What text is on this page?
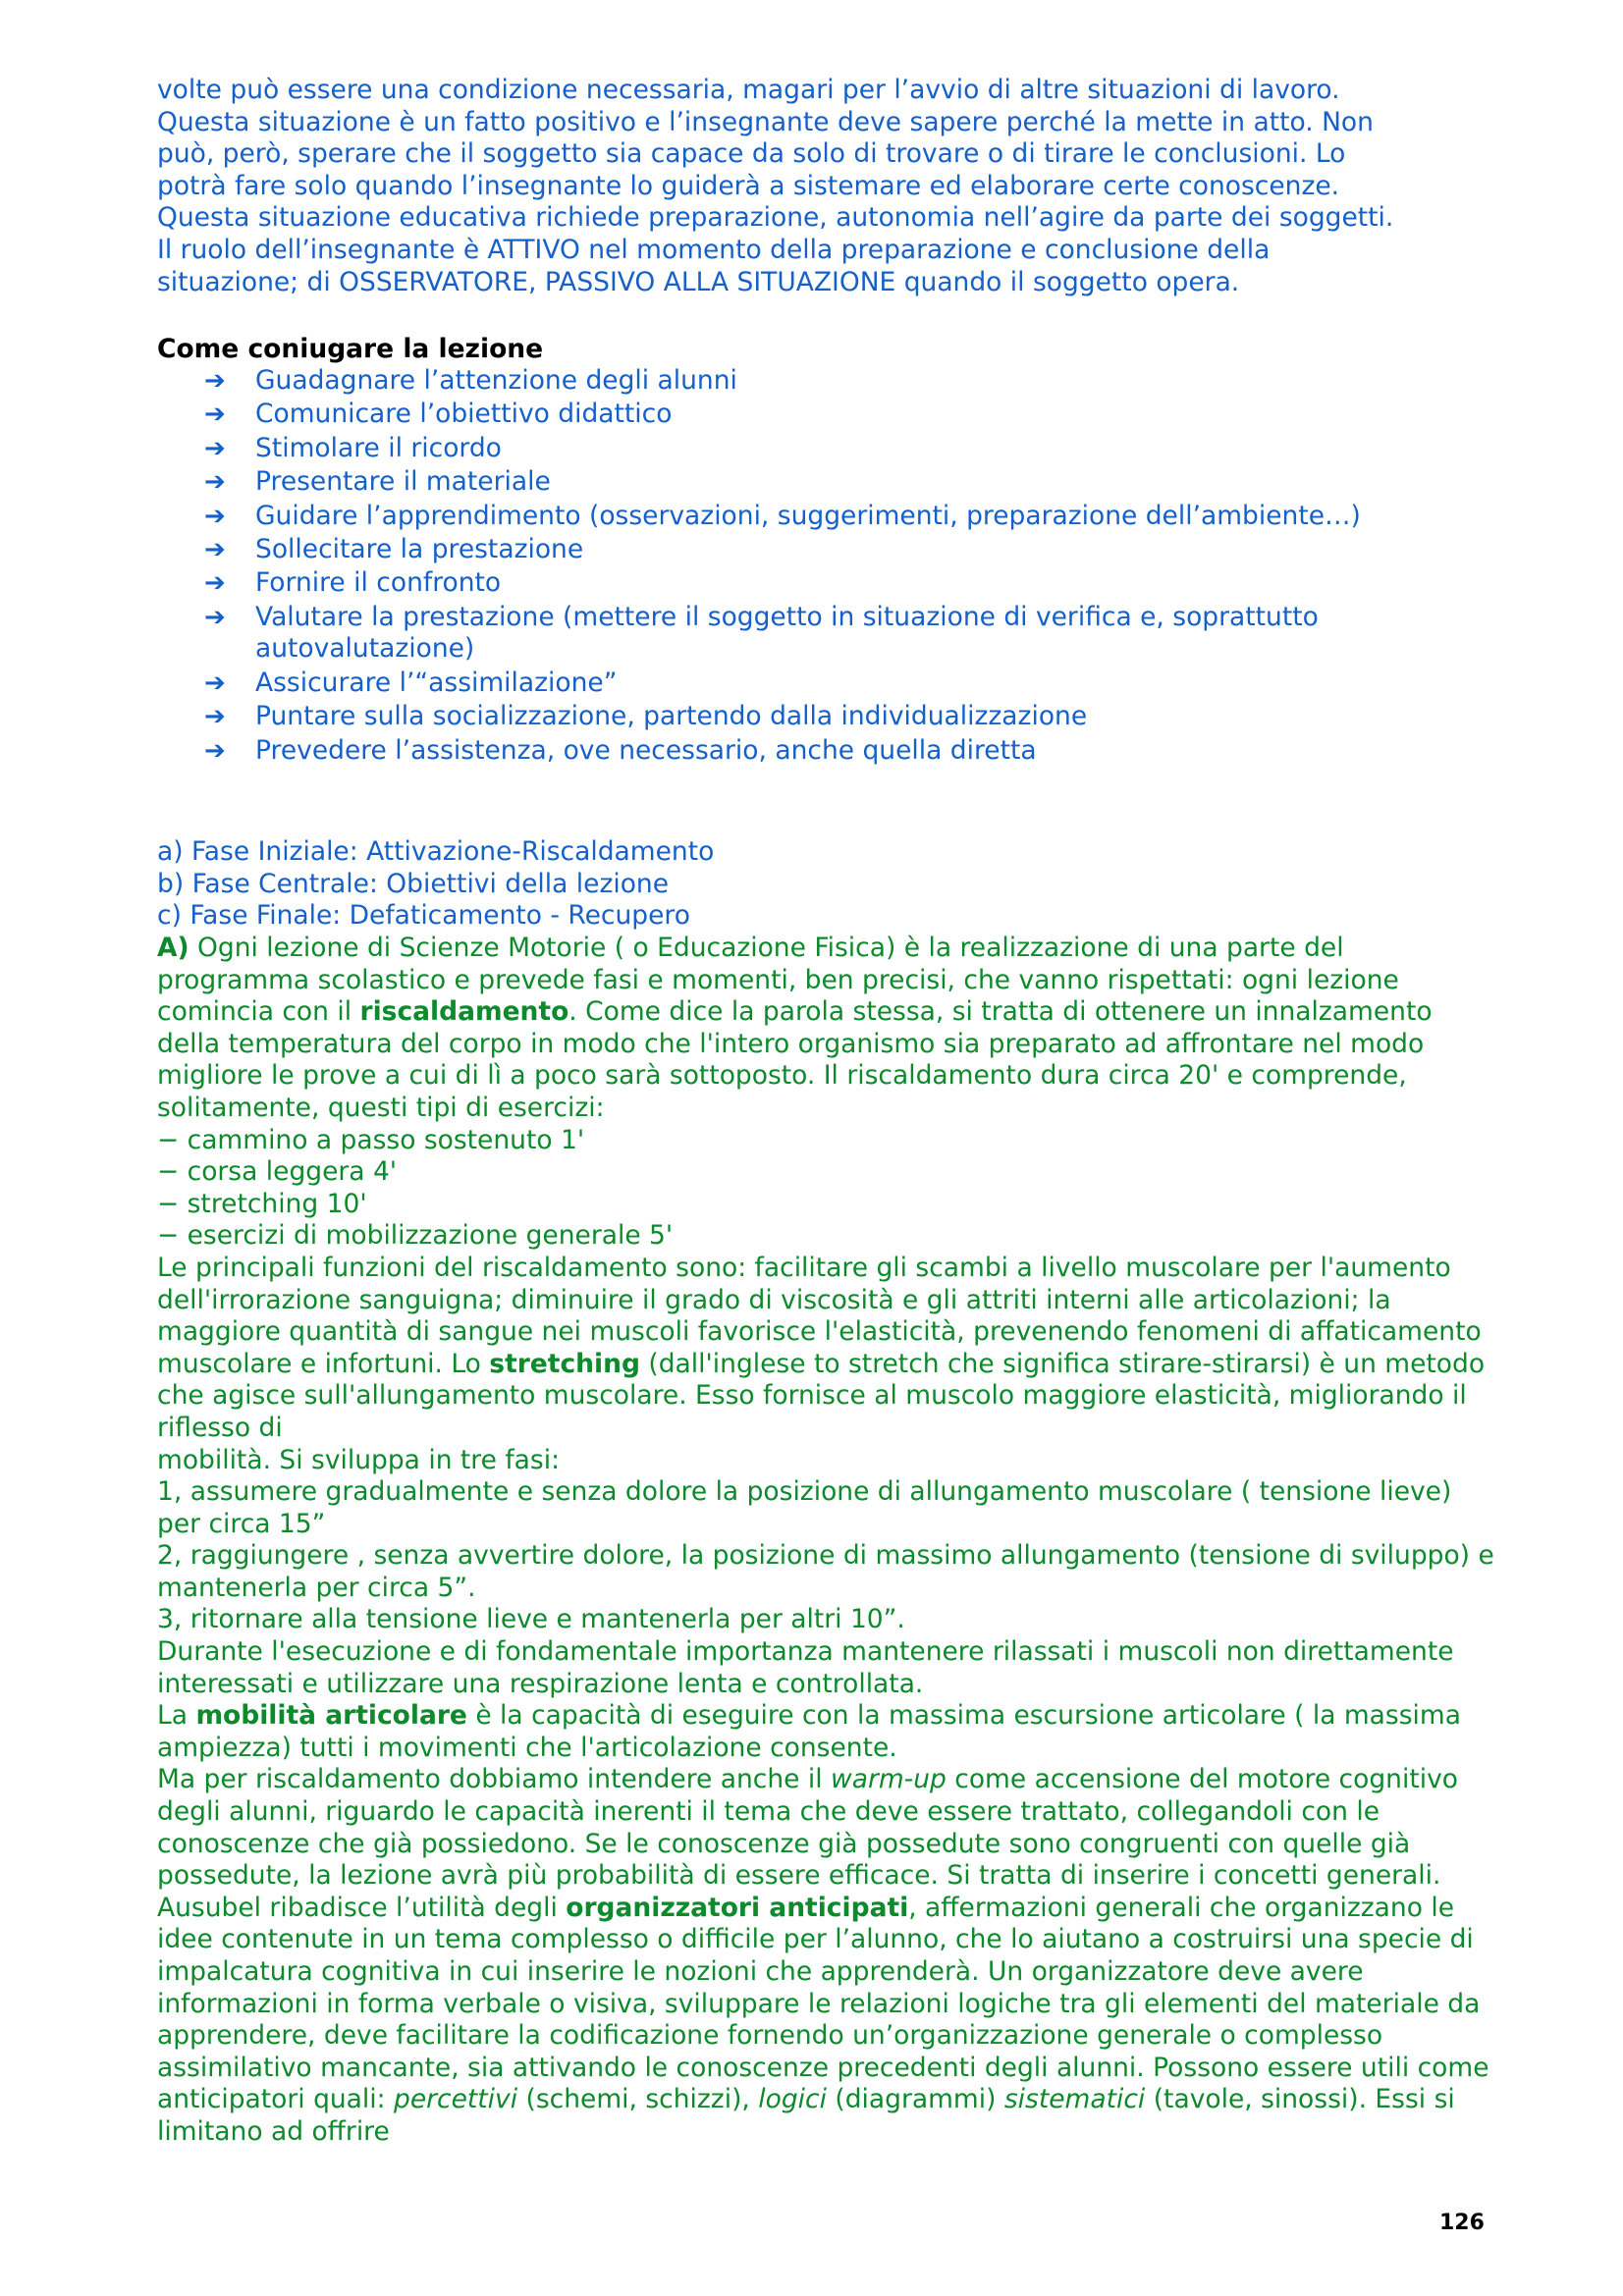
volte può essere una condizione necessaria, magari per l’avvio di altre situazioni di lavoro.
Questa situazione è un fatto positivo e l’insegnante deve sapere perché la mette in atto. Non
può, però, sperare che il soggetto sia capace da solo di trovare o di tirare le conclusioni. Lo
potrà fare solo quando l’insegnante lo guiderà a sistemare ed elaborare certe conoscenze.
Questa situazione educativa richiede preparazione, autonomia nell’agire da parte dei soggetti.
Il ruolo dell’insegnante è ATTIVO nel momento della preparazione e conclusione della
situazione; di OSSERVATORE, PASSIVO ALLA SITUAZIONE quando il soggetto opera.
Come coniugare la lezione
➔ Guadagnare l’attenzione degli alunni
➔ Comunicare l’obiettivo didattico
➔ Stimolare il ricordo
➔ Presentare il materiale
➔ Guidare l’apprendimento (osservazioni, suggerimenti, preparazione dell’ambiente…)
➔ Sollecitare la prestazione
➔ Fornire il confronto
➔ Valutare la prestazione (mettere il soggetto in situazione di verifica e, soprattutto autovalutazione)
➔ Assicurare l’“assimilazione”
➔ Puntare sulla socializzazione, partendo dalla individualizzazione
➔ Prevedere l’assistenza, ove necessario, anche quella diretta
a) Fase Iniziale: Attivazione-Riscaldamento
b) Fase Centrale: Obiettivi della lezione
c) Fase Finale: Defaticamento - Recupero

A) Ogni lezione di Scienze Motorie ( o Educazione Fisica) è la realizzazione di una parte del programma scolastico e prevede fasi e momenti, ben precisi, che vanno rispettati: ogni lezione comincia con il riscaldamento. Come dice la parola stessa, si tratta di ottenere un innalzamento della temperatura del corpo in modo che l'intero organismo sia preparato ad affrontare nel modo migliore le prove a cui di lì a poco sarà sottoposto. Il riscaldamento dura circa 20' e comprende, solitamente, questi tipi di esercizi:

− cammino a passo sostenuto 1'
− corsa leggera 4'
− stretching 10'
− esercizi di mobilizzazione generale 5'

Le principali funzioni del riscaldamento sono: facilitare gli scambi a livello muscolare per l'aumento dell'irrorazione sanguigna; diminuire il grado di viscosità e gli attriti interni alle articolazioni; la maggiore quantità di sangue nei muscoli favorisce l'elasticità, prevenendo fenomeni di affaticamento muscolare e infortuni. Lo stretching (dall'inglese to stretch che significa stirare-stirarsi) è un metodo che agisce sull'allungamento muscolare. Esso fornisce al muscolo maggiore elasticità, migliorando il riflesso di

mobilità. Si sviluppa in tre fasi:

1, assumere gradualmente e senza dolore la posizione di allungamento muscolare ( tensione lieve) per circa 15”

2, raggiungere , senza avvertire dolore, la posizione di massimo allungamento (tensione di sviluppo) e mantenerla per circa 5”.

3, ritornare alla tensione lieve e mantenerla per altri 10”.

Durante l'esecuzione e di fondamentale importanza mantenere rilassati i muscoli non direttamente interessati e utilizzare una respirazione lenta e controllata.

La mobilità articolare è la capacità di eseguire con la massima escursione articolare ( la massima ampiezza) tutti i movimenti che l'articolazione consente.

Ma per riscaldamento dobbiamo intendere anche il warm-up come accensione del motore cognitivo degli alunni, riguardo le capacità inerenti il tema che deve essere trattato, collegandoli con le conoscenze che già possiedono. Se le conoscenze già possedute sono congruenti con quelle già possedute, la lezione avrà più probabilità di essere efficace. Si tratta di inserire i concetti generali. Ausubel ribadisce l’utilità degli organizzatori anticipati, affermazioni generali che organizzano le idee contenute in un tema complesso o difficile per l’alunno, che lo aiutano a costruirsi una specie di impalcatura cognitiva in cui inserire le nozioni che apprenderà. Un organizzatore deve avere informazioni in forma verbale o visiva, sviluppare le relazioni logiche tra gli elementi del materiale da apprendere, deve facilitare la codificazione fornendo un’organizzazione generale o complesso assimilativo mancante, sia attivando le conoscenze precedenti degli alunni. Possono essere utili come anticipatori quali: percettivi (schemi, schizzi), logici (diagrammi) sistematici (tavole, sinossi). Essi si limitano ad offrire

126
